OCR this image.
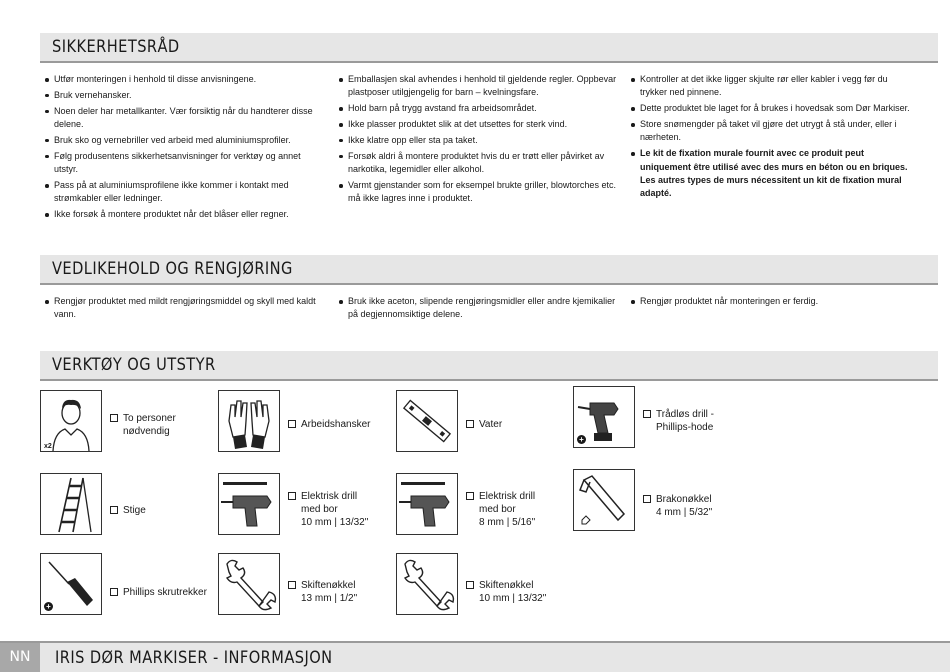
SIKKERHETSRÅD
Utfør monteringen i henhold til disse anvisningene.
Bruk vernehansker.
Noen deler har metallkanter. Vær forsiktig når du handterer disse delene.
Bruk sko og vernebriller ved arbeid med aluminiumsprofiler.
Følg produsentens sikkerhetsanvisninger for verktøy og annet utstyr.
Pass på at aluminiumsprofilene ikke kommer i kontakt med strømkabler eller ledninger.
Ikke forsøk å montere produktet når det blåser eller regner.
Emballasjen skal avhendes i henhold til gjeldende regler. Oppbevar plastposer utilgjengelig for barn – kvelningsfare.
Hold barn på trygg avstand fra arbeidsområdet.
Ikke plasser produktet slik at det utsettes for sterk vind.
Ikke klatre opp eller sta pa taket.
Forsøk aldri å montere produktet hvis du er trøtt eller påvirket av narkotika, legemidler eller alkohol.
Varmt gjenstander som for eksempel brukte griller, blowtorches etc. må ikke lagres inne i produktet.
Kontroller at det ikke ligger skjulte rør eller kabler i vegg før du trykker ned pinnene.
Dette produktet ble laget for å brukes i hovedsak som Dør Markiser.
Store snømengder på taket vil gjøre det utrygt å stå under, eller i nærheten.
Le kit de fixation murale fournit avec ce produit peut uniquement être utilisé avec des murs en béton ou en briques. Les autres types de murs nécessitent un kit de fixation mural adapté.
VEDLIKEHOLD OG RENGJØRING
Rengjør produktet med mildt rengjøringsmiddel og skyll med kaldt vann.
Bruk ikke aceton, slipende rengjøringsmidler eller andre kjemikalier på degjennomsiktige delene.
Rengjør produktet når monteringen er ferdig.
VERKTØY OG UTSTYR
x2
To personer
nødvendig
Arbeidshansker	Vater
+
Trådløs drill -
Phillips-hode
Stige
Elektrisk drill
med bor
10 mm | 13/32"
Elektrisk drill
med bor
8 mm | 5/16"
Brakonøkkel
4 mm | 5/32"
+
Phillips skrutrekker
Skiftenøkkel
13 mm | 1/2"
Skiftenøkkel
10 mm | 13/32"
NN	IRIS DØR MARKISER - INFORMASJON
